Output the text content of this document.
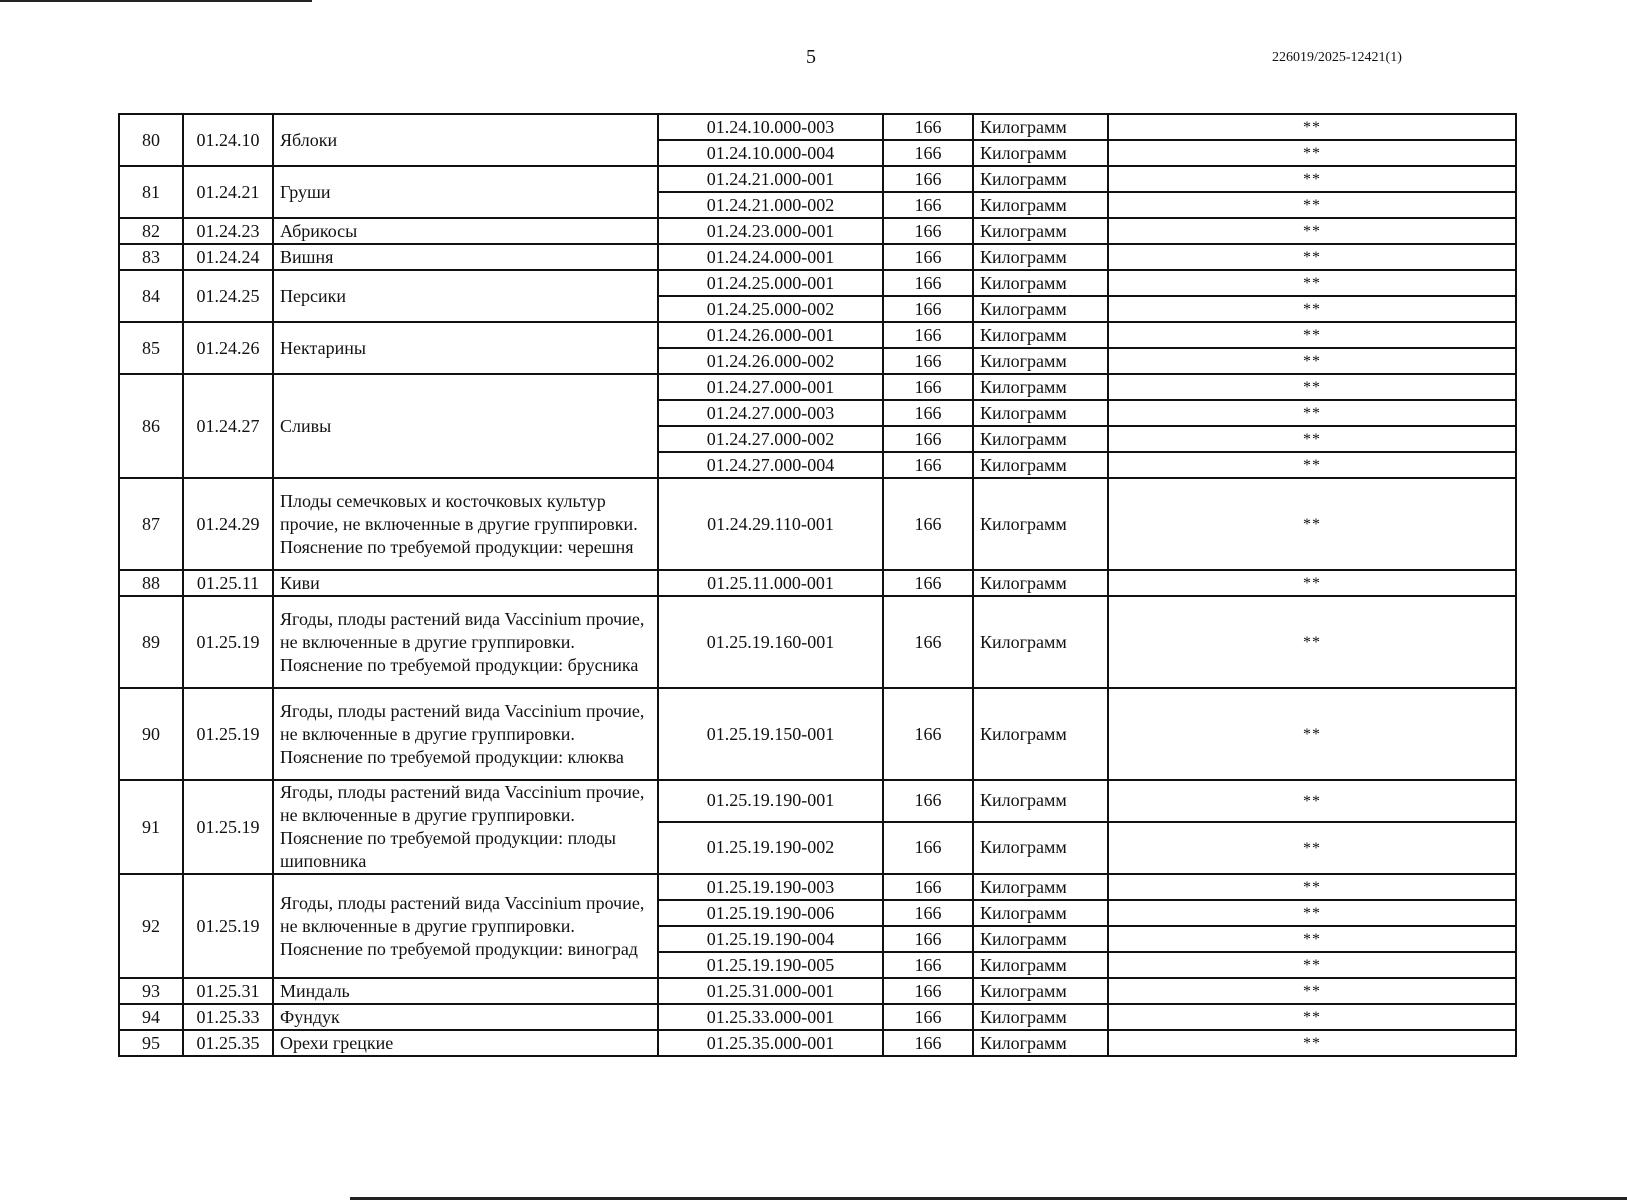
5	226019/2025-12421(1)
80	01.24.10	Яблоки	01.24.10.000-003	166	Килограмм	**
			01.24.10.000-004	166	Килограмм	**
81	01.24.21	Груши	01.24.21.000-001	166	Килограмм	**
			01.24.21.000-002	166	Килограмм	**
82	01.24.23	Абрикосы	01.24.23.000-001	166	Килограмм	**
83	01.24.24	Вишня	01.24.24.000-001	166	Килограмм	**
84	01.24.25	Персики	01.24.25.000-001	166	Килограмм	**
			01.24.25.000-002	166	Килограмм	**
85	01.24.26	Нектарины	01.24.26.000-001	166	Килограмм	**
			01.24.26.000-002	166	Килограмм	**
86	01.24.27	Сливы	01.24.27.000-001	166	Килограмм	**
			01.24.27.000-003	166	Килограмм	**
			01.24.27.000-002	166	Килограмм	**
			01.24.27.000-004	166	Килограмм	**
87	01.24.29	Плоды семечковых и косточковых культур прочие, не включенные в другие группировки. Пояснение по требуемой продукции: черешня	01.24.29.110-001	166	Килограмм	**
88	01.25.11	Киви	01.25.11.000-001	166	Килограмм	**
89	01.25.19	Ягоды, плоды растений вида Vaccinium прочие, не включенные в другие группировки. Пояснение по требуемой продукции: брусника	01.25.19.160-001	166	Килограмм	**
90	01.25.19	Ягоды, плоды растений вида Vaccinium прочие, не включенные в другие группировки. Пояснение по требуемой продукции: клюква	01.25.19.150-001	166	Килограмм	**
91	01.25.19	Ягоды, плоды растений вида Vaccinium прочие, не включенные в другие группировки. Пояснение по требуемой продукции: плоды шиповника	01.25.19.190-001	166	Килограмм	**
			01.25.19.190-002	166	Килограмм	**
92	01.25.19	Ягоды, плоды растений вида Vaccinium прочие, не включенные в другие группировки. Пояснение по требуемой продукции: виноград	01.25.19.190-003	166	Килограмм	**
			01.25.19.190-006	166	Килограмм	**
			01.25.19.190-004	166	Килограмм	**
			01.25.19.190-005	166	Килограмм	**
93	01.25.31	Миндаль	01.25.31.000-001	166	Килограмм	**
94	01.25.33	Фундук	01.25.33.000-001	166	Килограмм	**
95	01.25.35	Орехи грецкие	01.25.35.000-001	166	Килограмм	**
